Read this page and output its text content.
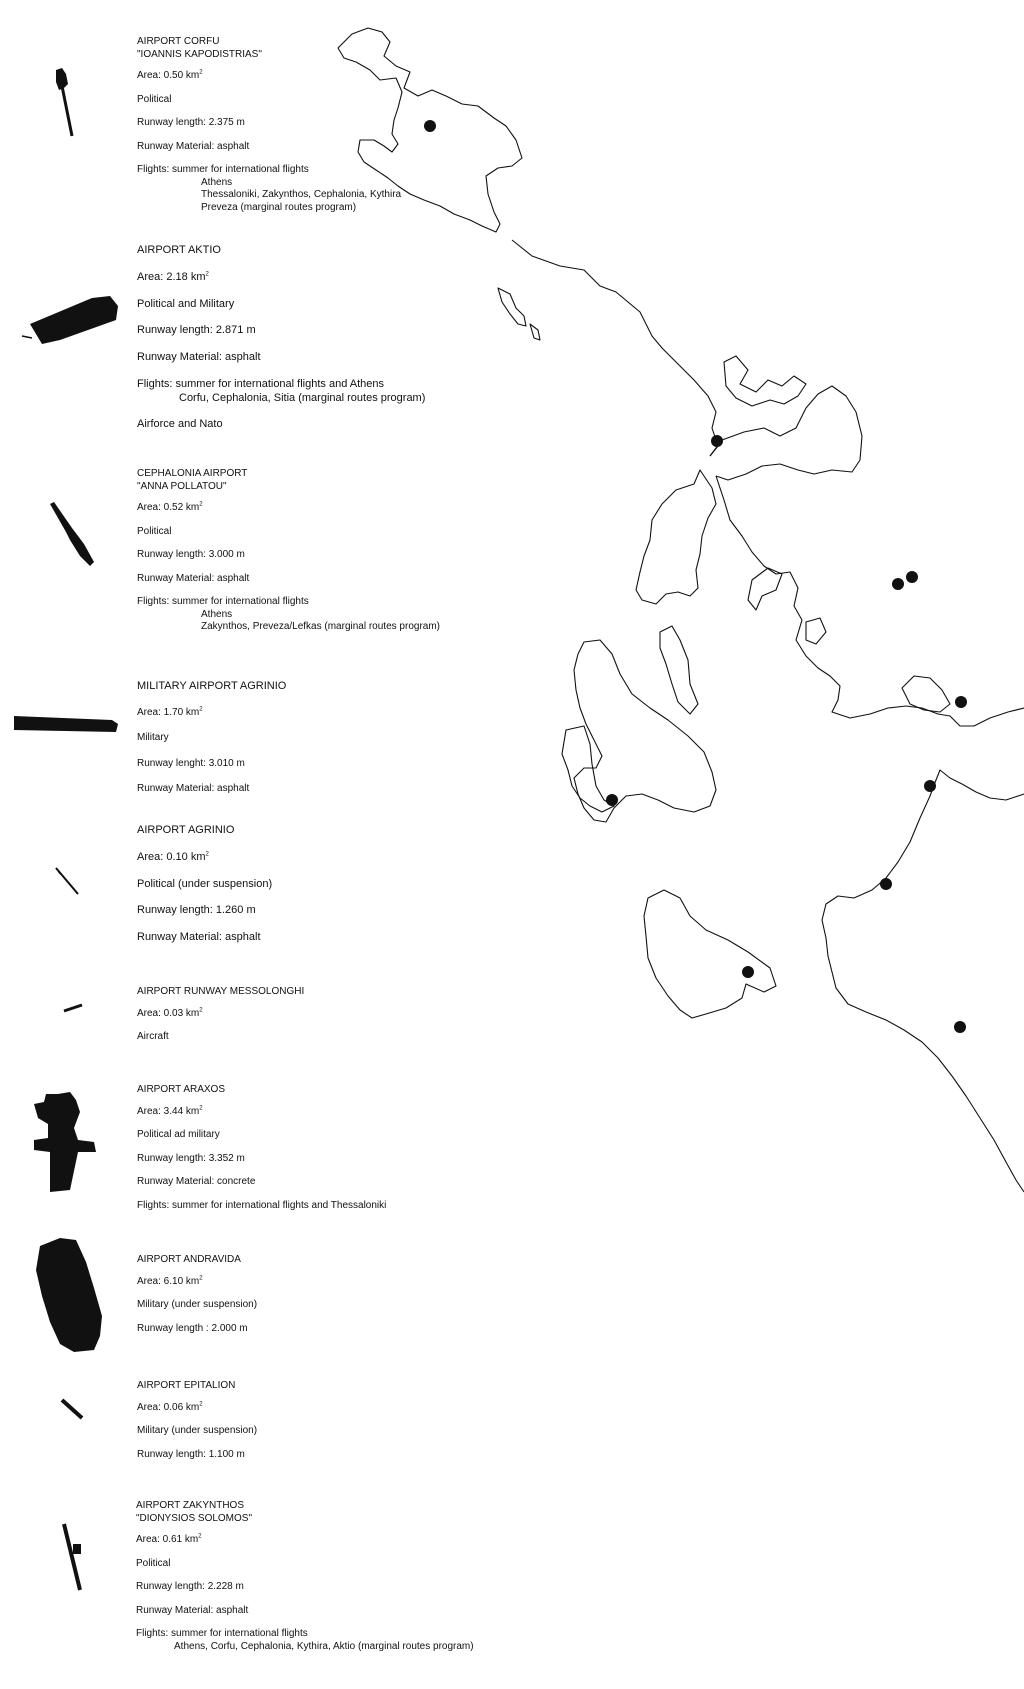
AIRPORT CORFU
"IOANNIS KAPODISTRIAS"
Area: 0.50 $km^2$
Political
Runway length: 2.375 m
Runway Material: asphalt
Flights: summer for international flights
Athens
Thessaloniki, Zakynthos, Cephalonia, Kythira
Preveza (marginal routes program)
AIRPORT AKTIO
Area: 2.18 $km^2$
Political and Military
Runway length: 2.871 m
Runway Material: asphalt
Flights: summer for international flights and Athens
Corfu, Cephalonia, Sitia (marginal routes program)
Airforce and Nato
CEPHALONIA AIRPORT
"ANNA POLLATOU"
Area: 0.52 $km^2$
Political
Runway length: 3.000 m
Runway Material: asphalt
Flights: summer for international flights
Athens
Zakynthos, Preveza/Lefkas (marginal routes program)
MILITARY AIRPORT AGRINIO
Area: 1.70 $km^2$
Military
Runway lenght: 3.010 m
Runway Material: asphalt
AIRPORT AGRINIO
Area: 0.10 $km^2$
Political (under suspension)
Runway length: 1.260 m
Runway Material: asphalt
AIRPORT RUNWAY MESSOLONGHI
Area: 0.03 $km^2$
Aircraft
AIRPORT ARAXOS
Area: 3.44 $km^2$
Political ad military
Runway length: 3.352 m
Runway Material: concrete
Flights: summer for international flights and Thessaloniki
AIRPORT ANDRAVIDA
Area: 6.10 $km^2$
Military (under suspension)
Runway length : 2.000 m
AIRPORT EPITALION
Area: 0.06 $km^2$
Military (under suspension)
Runway length: 1.100 m
AIRPORT ZAKYNTHOS
"DIONYSIOS SOLOMOS"
Area: 0.61 $km^2$
Political
Runway length: 2.228 m
Runway Material: asphalt
Flights: summer for international flights
Athens, Corfu, Cephalonia, Kythira, Aktio (marginal routes program)
